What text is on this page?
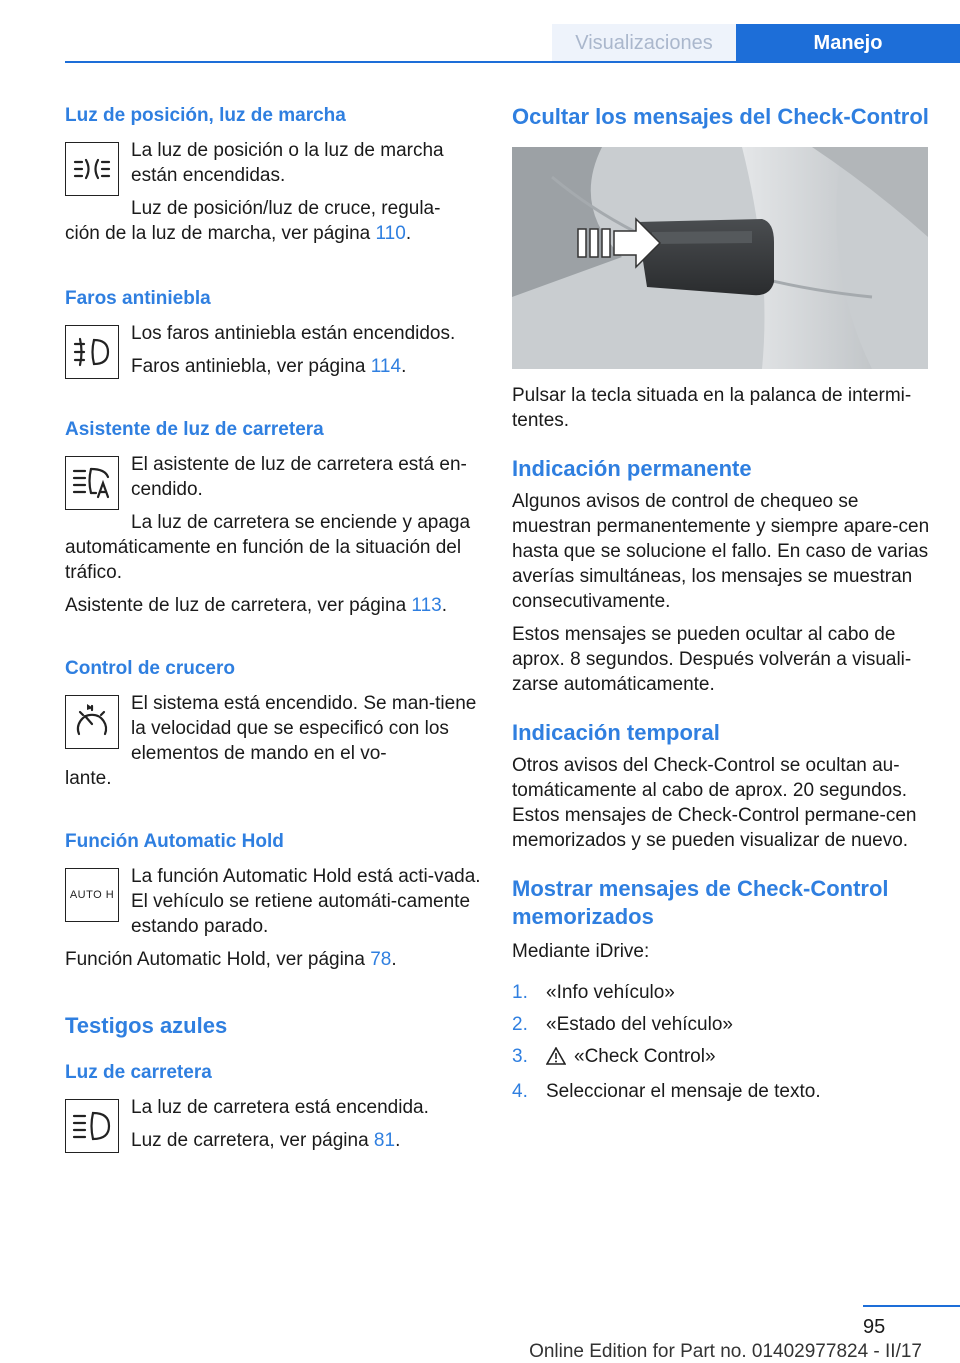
Visualizaciones	Manejo
Luz de posición, luz de marcha

La luz de posición o la luz de marcha están encendidas.

Luz de posición/luz de cruce, regula-

ción de la luz de marcha, ver página 110.

Faros antiniebla

Los faros antiniebla están encendidos.

Faros antiniebla, ver página 114.

Asistente de luz de carretera

El asistente de luz de carretera está en-cendido.

La luz de carretera se enciende y apaga

automáticamente en función de la situación del tráfico.

Asistente de luz de carretera, ver página 113.

Control de crucero

El sistema está encendido. Se man-tiene la velocidad que se especificó con los elementos de mando en el vo-

lante.

Función Automatic Hold
AUTO H

La función Automatic Hold está acti-vada. El vehículo se retiene automáti-camente estando parado.

Función Automatic Hold, ver página 78.

Testigos azules
Luz de carretera

La luz de carretera está encendida.

Luz de carretera, ver página 81.

Ocultar los mensajes del Check-Control

Pulsar la tecla situada en la palanca de intermi-tentes.

Indicación permanente

Algunos avisos de control de chequeo se muestran permanentemente y siempre apare-cen hasta que se solucione el fallo. En caso de varias averías simultáneas, los mensajes se muestran consecutivamente.

Estos mensajes se pueden ocultar al cabo de aprox. 8 segundos. Después volverán a visuali-zarse automáticamente.

Indicación temporal

Otros avisos del Check-Control se ocultan au-tomáticamente al cabo de aprox. 20 segundos. Estos mensajes de Check-Control permane-cen memorizados y se pueden visualizar de nuevo.

Mostrar mensajes de Check-Control memorizados

Mediante iDrive:

1. «Info vehículo»
2. «Estado del vehículo»
3. «Check Control»
4. Seleccionar el mensaje de texto.
95
Online Edition for Part no. 01402977824 - II/17
